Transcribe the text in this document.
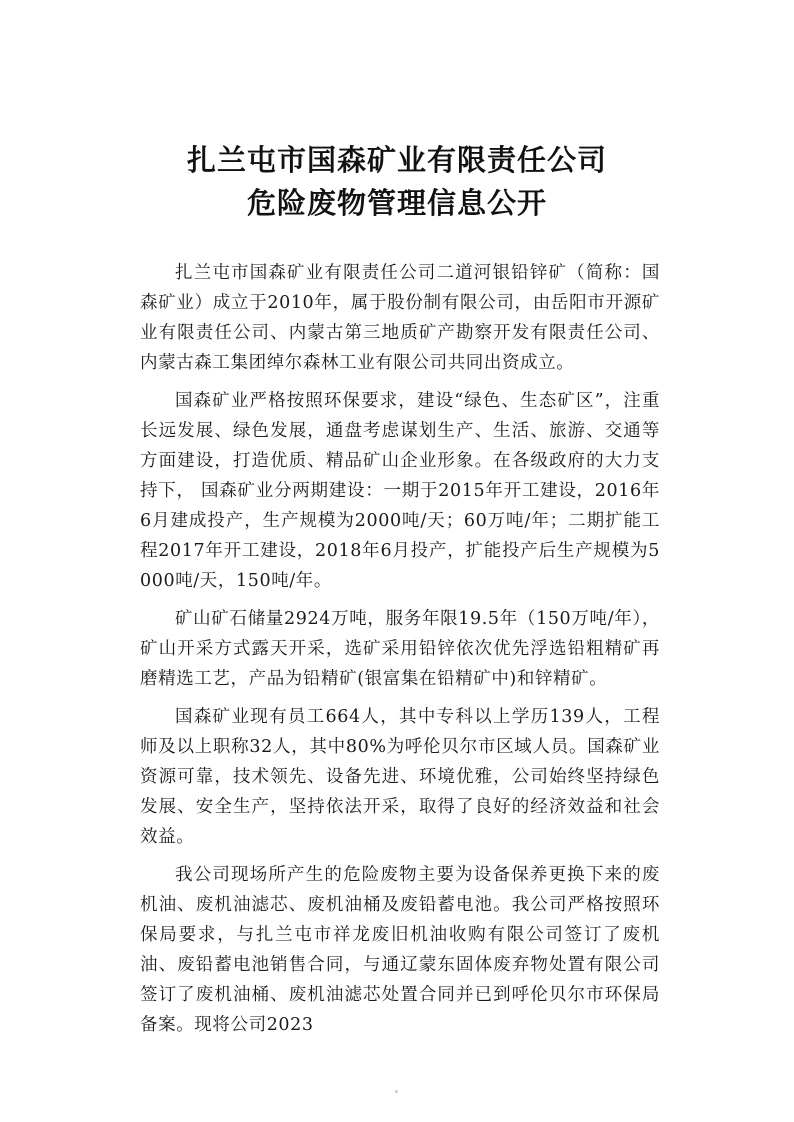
扎兰屯市国森矿业有限责任公司
危险废物管理信息公开

扎兰屯市国森矿业有限责任公司二道河银铅锌矿（简称：国森矿业）成立于2010年，属于股份制有限公司，由岳阳市开源矿业有限责任公司、内蒙古第三地质矿产勘察开发有限责任公司、内蒙古森工集团绰尔森林工业有限公司共同出资成立。

国森矿业严格按照环保要求，建设“绿色、生态矿区”，注重长远发展、绿色发展，通盘考虑谋划生产、生活、旅游、交通等方面建设，打造优质、精品矿山企业形象。在各级政府的大力支持下， 国森矿业分两期建设：一期于2015年开工建设，2016年6月建成投产，生产规模为2000吨/天；60万吨/年；二期扩能工程2017年开工建设，2018年6月投产，扩能投产后生产规模为5000吨/天，150吨/年。

矿山矿石储量2924万吨，服务年限19.5年（150万吨/年），矿山开采方式露天开采，选矿采用铅锌依次优先浮选铅粗精矿再磨精选工艺，产品为铅精矿(银富集在铅精矿中)和锌精矿。

国森矿业现有员工664人，其中专科以上学历139人，工程师及以上职称32人，其中80%为呼伦贝尔市区域人员。国森矿业资源可靠，技术领先、设备先进、环境优雅，公司始终坚持绿色发展、安全生产，坚持依法开采，取得了良好的经济效益和社会效益。

我公司现场所产生的危险废物主要为设备保养更换下来的废机油、废机油滤芯、废机油桶及废铅蓄电池。我公司严格按照环保局要求，与扎兰屯市祥龙废旧机油收购有限公司签订了废机油、废铅蓄电池销售合同，与通辽蒙东固体废弃物处置有限公司签订了废机油桶、废机油滤芯处置合同并已到呼伦贝尔市环保局备案。现将公司2023
